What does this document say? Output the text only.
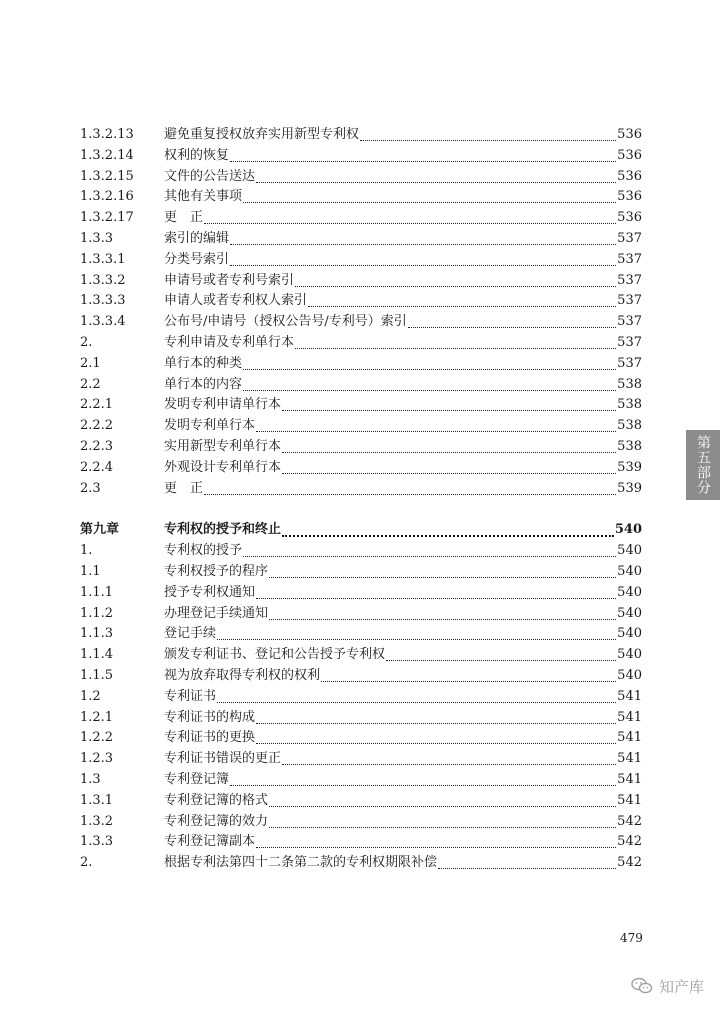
1.3.2.13 避免重复授权放弃实用新型专利权	536
1.3.2.14 权利的恢复	536
1.3.2.15 文件的公告送达	536
1.3.2.16 其他有关事项	536
1.3.2.17 更　正	536
1.3.3	索引的编辑	537
1.3.3.1	分类号索引	537
1.3.3.2	申请号或者专利号索引	537
1.3.3.3	申请人或者专利权人索引	537
1.3.3.4	公布号/申请号（授权公告号/专利号）索引	537
2.	专利申请及专利单行本	537
2.1	单行本的种类	537
2.2	单行本的内容	538
2.2.1	发明专利申请单行本	538
2.2.2	发明专利单行本	538
2.2.3	实用新型专利单行本	538
2.2.4	外观设计专利单行本	539
2.3	更　正	539
第九章	专利权的授予和终止	540
1.	专利权的授予	540
1.1	专利权授予的程序	540
1.1.1	授予专利权通知	540
1.1.2	办理登记手续通知	540
1.1.3	登记手续	540
1.1.4	颁发专利证书、登记和公告授予专利权	540
1.1.5	视为放弃取得专利权的权利	540
1.2	专利证书	541
1.2.1	专利证书的构成	541
1.2.2	专利证书的更换	541
1.2.3	专利证书错误的更正	541
1.3	专利登记簿	541
1.3.1	专利登记簿的格式	541
1.3.2	专利登记簿的效力	542
1.3.3	专利登记簿副本	542
2.	根据专利法第四十二条第二款的专利权期限补偿	542
第五部分
479
知产库
